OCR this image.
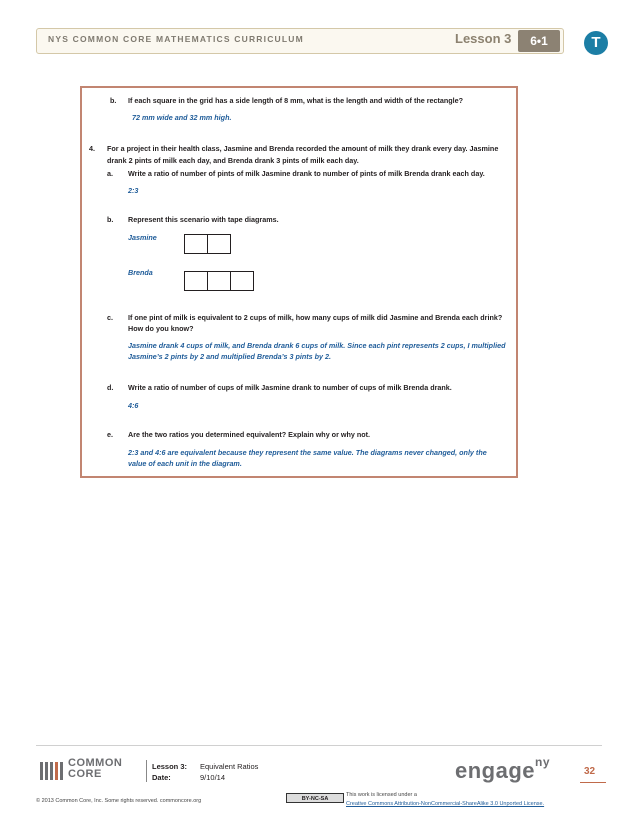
NYS COMMON CORE MATHEMATICS CURRICULUM	Lesson 3	6•1	T
b. If each square in the grid has a side length of 8 mm, what is the length and width of the rectangle?
72 mm wide and 32 mm high.
4. For a project in their health class, Jasmine and Brenda recorded the amount of milk they drank every day. Jasmine
drank 2 pints of milk each day, and Brenda drank 3 pints of milk each day.
a. Write a ratio of number of pints of milk Jasmine drank to number of pints of milk Brenda drank each day.
2:3
b. Represent this scenario with tape diagrams.
Jasmine
Brenda
c. If one pint of milk is equivalent to 2 cups of milk, how many cups of milk did Jasmine and Brenda each drink?
How do you know?
Jasmine drank 4 cups of milk, and Brenda drank 6 cups of milk. Since each pint represents 2 cups, I multiplied
Jasmine’s 2 pints by 2 and multiplied Brenda’s 3 pints by 2.
d. Write a ratio of number of cups of milk Jasmine drank to number of cups of milk Brenda drank.
4:6
e. Are the two ratios you determined equivalent? Explain why or why not.
2:3 and 4:6 are equivalent because they represent the same value. The diagrams never changed, only the
value of each unit in the diagram.
COMMON
CORE
Lesson 3: Equivalent Ratios
Date:	9/10/14	engage$^{ny}$
32
© 2013 Common Core, Inc. Some rights reserved. commoncore.org	BY-NC-SA
This work is licensed under a
Creative Commons Attribution-NonCommercial-ShareAlike 3.0 Unported License.
